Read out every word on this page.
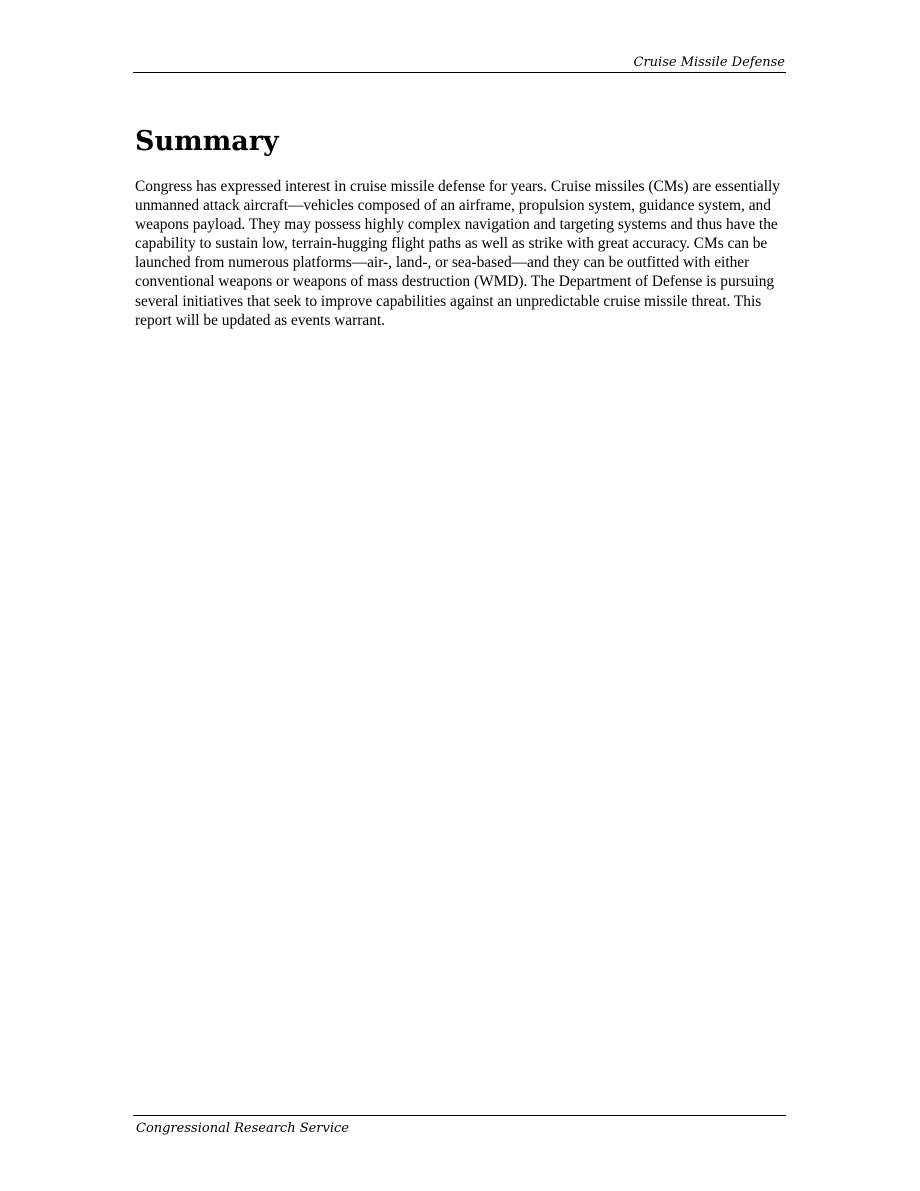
Cruise Missile Defense
Summary

Congress has expressed interest in cruise missile defense for years. Cruise missiles (CMs) are essentially unmanned attack aircraft—vehicles composed of an airframe, propulsion system, guidance system, and weapons payload. They may possess highly complex navigation and targeting systems and thus have the capability to sustain low, terrain-hugging flight paths as well as strike with great accuracy. CMs can be launched from numerous platforms—air-, land-, or sea-based—and they can be outfitted with either conventional weapons or weapons of mass destruction (WMD). The Department of Defense is pursuing several initiatives that seek to improve capabilities against an unpredictable cruise missile threat. This report will be updated as events warrant.

Congressional Research Service
